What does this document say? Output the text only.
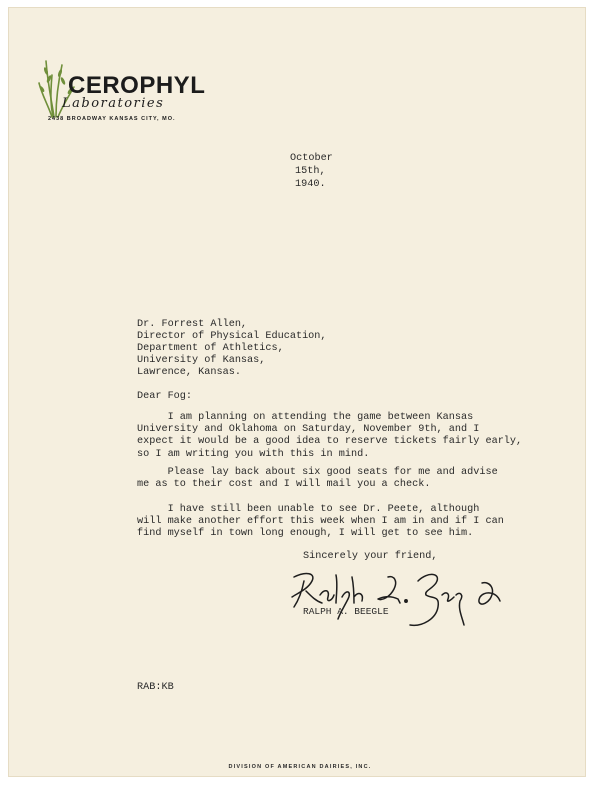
CEROPHYL
Laboratories
2438 BROADWAY KANSAS CITY, MO.
October
15th,
1940.
Dr. Forrest Allen,
Director of Physical Education,
Department of Athletics,
University of Kansas,
Lawrence, Kansas.
Dear Fog:
I am planning on attending the game between Kansas
University and Oklahoma on Saturday, November 9th, and I
expect it would be a good idea to reserve tickets fairly early,
so I am writing you with this in mind.
Please lay back about six good seats for me and advise
me as to their cost and I will mail you a check.
I have still been unable to see Dr. Peete, although
will make another effort this week when I am in and if I can
find myself in town long enough, I will get to see him.
Sincerely your friend,
RALPH A. BEEGLE
RAB:KB
DIVISION OF AMERICAN DAIRIES, INC.
